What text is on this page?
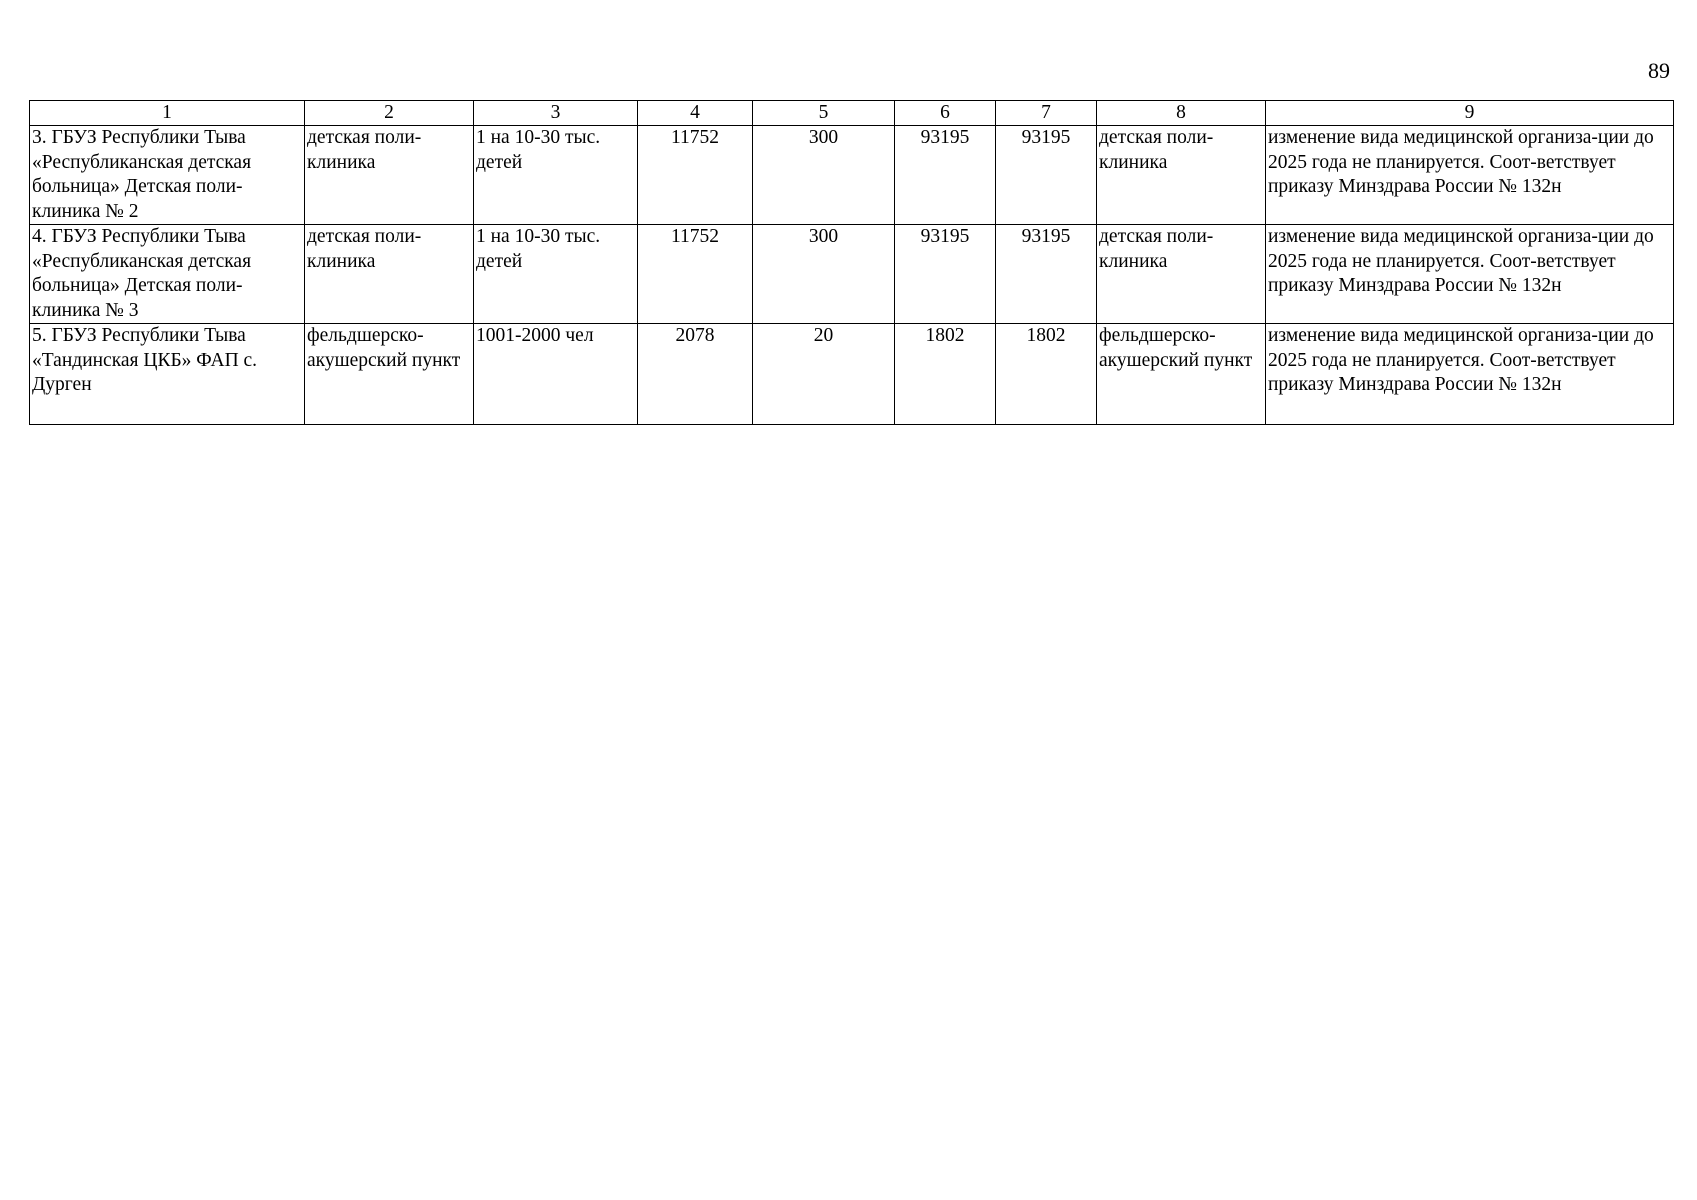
89
1	2	3	4	5	6	7	8	9
3. ГБУЗ Республики Тыва «Республиканская детская больница» Детская поли-клиника № 2	детская поли-клиника	1 на 10-30 тыс. детей	11752	300	93195	93195	детская поли-клиника	изменение вида медицинской организа-ции до 2025 года не планируется. Соот-ветствует приказу Минздрава России № 132н
4. ГБУЗ Республики Тыва «Республиканская детская больница» Детская поли-клиника № 3	детская поли-клиника	1 на 10-30 тыс. детей	11752	300	93195	93195	детская поли-клиника	изменение вида медицинской организа-ции до 2025 года не планируется. Соот-ветствует приказу Минздрава России № 132н
5. ГБУЗ Республики Тыва «Тандинская ЦКБ» ФАП с. Дурген	фельдшерско-акушерский пункт	1001-2000 чел	2078	20	1802	1802	фельдшерско-акушерский пункт	изменение вида медицинской организа-ции до 2025 года не планируется. Соот-ветствует приказу Минздрава России № 132н
